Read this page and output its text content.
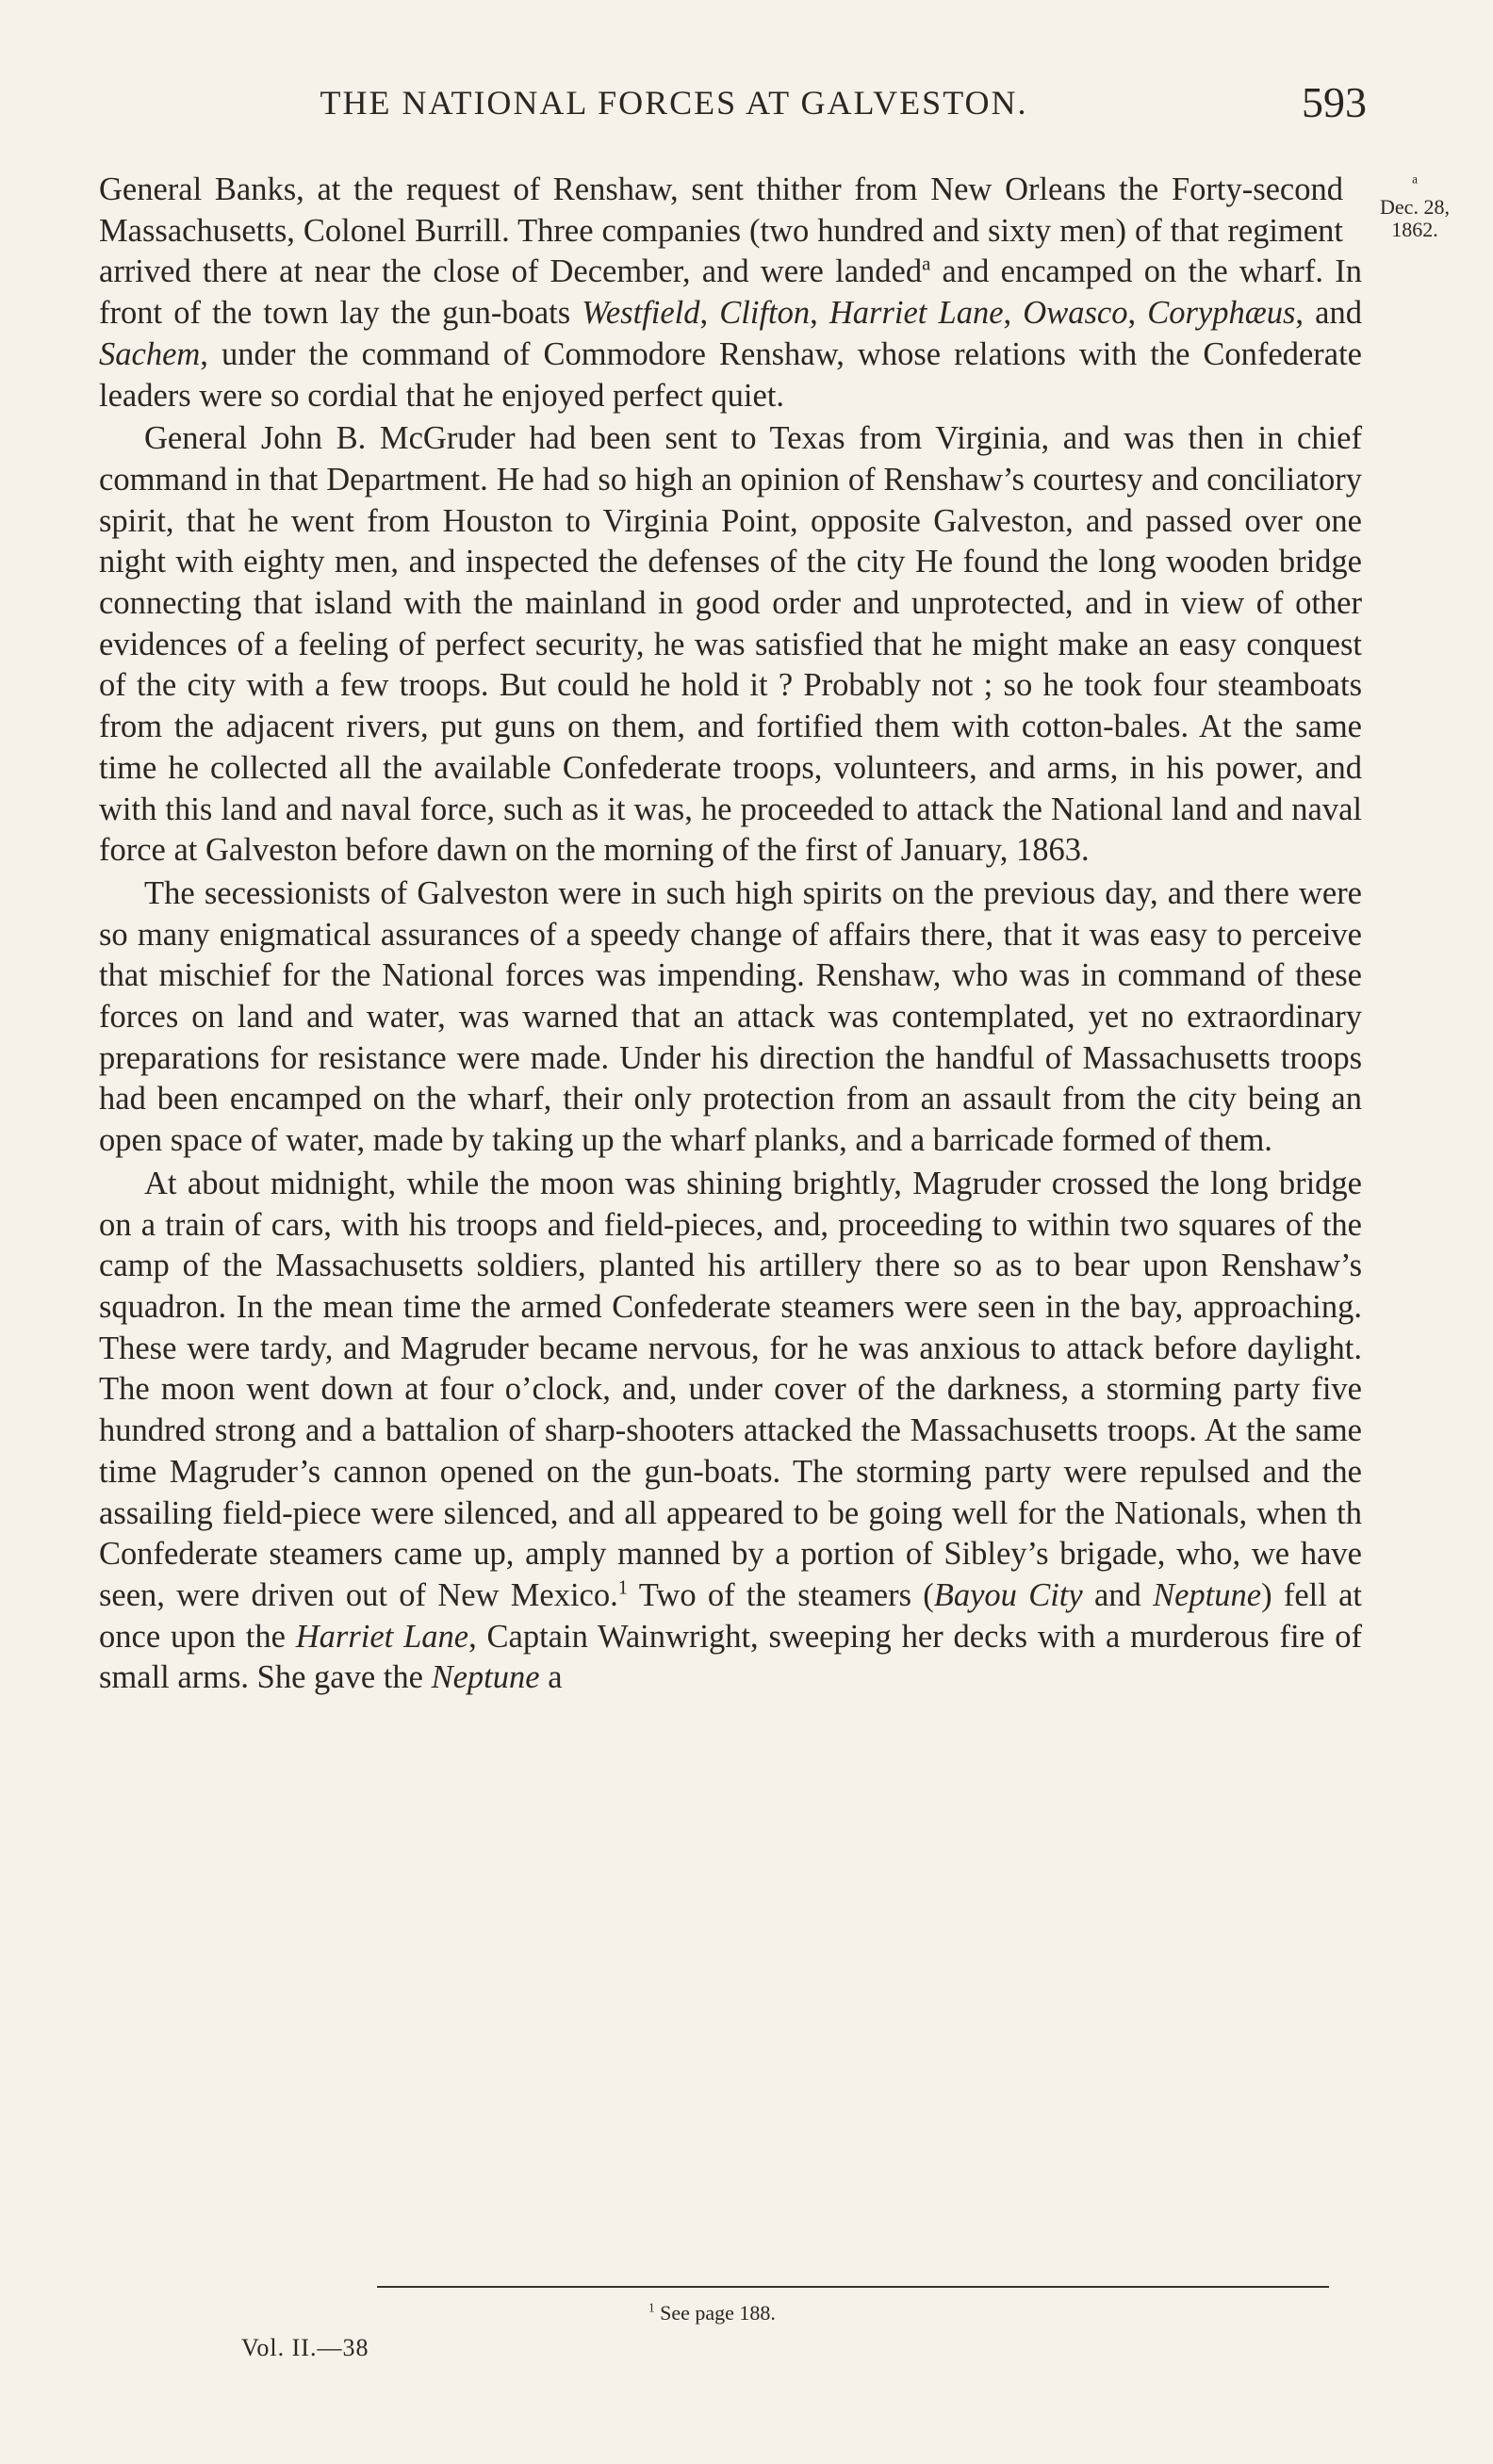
THE NATIONAL FORCES AT GALVESTON.	593

$^a$
Dec. 28,
1862.
General Banks, at the request of Renshaw, sent thither from New Orleans the Forty-second Massachusetts, Colonel Burrill. Three companies (two hundred and sixty men) of that regiment arrived there at near the close of December, and were landed$^a$ and encamped on the wharf. In front of the town lay the gun-boats Westfield, Clifton, Harriet Lane, Owasco, Coryphæus, and Sachem, under the command of Commodore Renshaw, whose relations with the Confederate leaders were so cordial that he enjoyed perfect quiet.

General John B. McGruder had been sent to Texas from Virginia, and was then in chief command in that Department. He had so high an opinion of Renshaw’s courtesy and conciliatory spirit, that he went from Houston to Virginia Point, opposite Galveston, and passed over one night with eighty men, and inspected the defenses of the city He found the long wooden bridge connecting that island with the mainland in good order and unprotected, and in view of other evidences of a feeling of perfect security, he was satisfied that he might make an easy conquest of the city with a few troops. But could he hold it ? Probably not ; so he took four steamboats from the adjacent rivers, put guns on them, and fortified them with cotton-bales. At the same time he collected all the available Confederate troops, volunteers, and arms, in his power, and with this land and naval force, such as it was, he proceeded to attack the National land and naval force at Galveston before dawn on the morning of the first of January, 1863.

The secessionists of Galveston were in such high spirits on the previous day, and there were so many enigmatical assurances of a speedy change of affairs there, that it was easy to perceive that mischief for the National forces was impending. Renshaw, who was in command of these forces on land and water, was warned that an attack was contemplated, yet no extraordinary preparations for resistance were made. Under his direction the handful of Massachusetts troops had been encamped on the wharf, their only protection from an assault from the city being an open space of water, made by taking up the wharf planks, and a barricade formed of them.

At about midnight, while the moon was shining brightly, Magruder crossed the long bridge on a train of cars, with his troops and field-pieces, and, proceeding to within two squares of the camp of the Massachusetts soldiers, planted his artillery there so as to bear upon Renshaw’s squadron. In the mean time the armed Confederate steamers were seen in the bay, approaching. These were tardy, and Magruder became nervous, for he was anxious to attack before daylight. The moon went down at four o’clock, and, under cover of the darkness, a storming party five hundred strong and a battalion of sharp-shooters attacked the Massachusetts troops. At the same time Magruder’s cannon opened on the gun-boats. The storming party were repulsed and the assailing field-piece were silenced, and all appeared to be going well for the Nationals, when th Confederate steamers came up, amply manned by a portion of Sibley’s brigade, who, we have seen, were driven out of New Mexico.$^1$ Two of the steamers (Bayou City and Neptune) fell at once upon the Harriet Lane, Captain Wainwright, sweeping her decks with a murderous fire of small arms. She gave the Neptune a

$^1$ See page 188.
Vol. II.—38
